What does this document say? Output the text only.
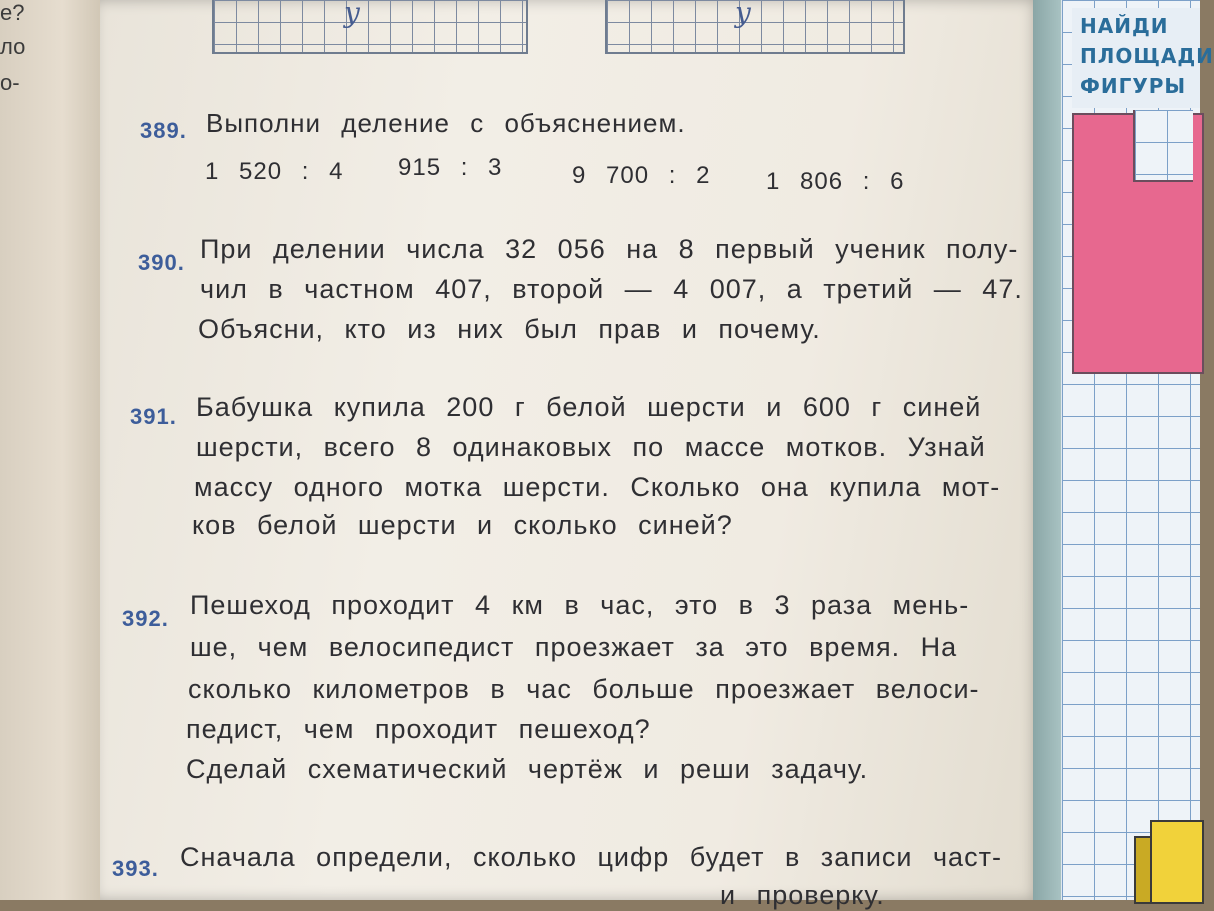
е?
ло
о-
у	у
389. Выполни деление с объяснением.
1 520 : 4 915 : 3	9 700 : 2 1 806 : 6
390. При делении числа 32 056 на 8 первый ученик полу-
чил в частном 407, второй — 4 007, а третий — 47.
Объясни, кто из них был прав и почему.
391. Бабушка купила 200 г белой шерсти и 600 г синей
шерсти, всего 8 одинаковых по массе мотков. Узнай
массу одного мотка шерсти. Сколько она купила мот-
ков белой шерсти и сколько синей?
392. Пешеход проходит 4 км в час, это в 3 раза мень-
ше, чем велосипедист проезжает за это время. На
сколько километров в час больше проезжает велоси-
педист, чем проходит пешеход?
Сделай схематический чертёж и реши задачу.
393. Сначала определи, сколько цифр будет в записи част-
и проверку.
НАЙДИ
ПЛОЩАДИ
ФИГУРЫ
